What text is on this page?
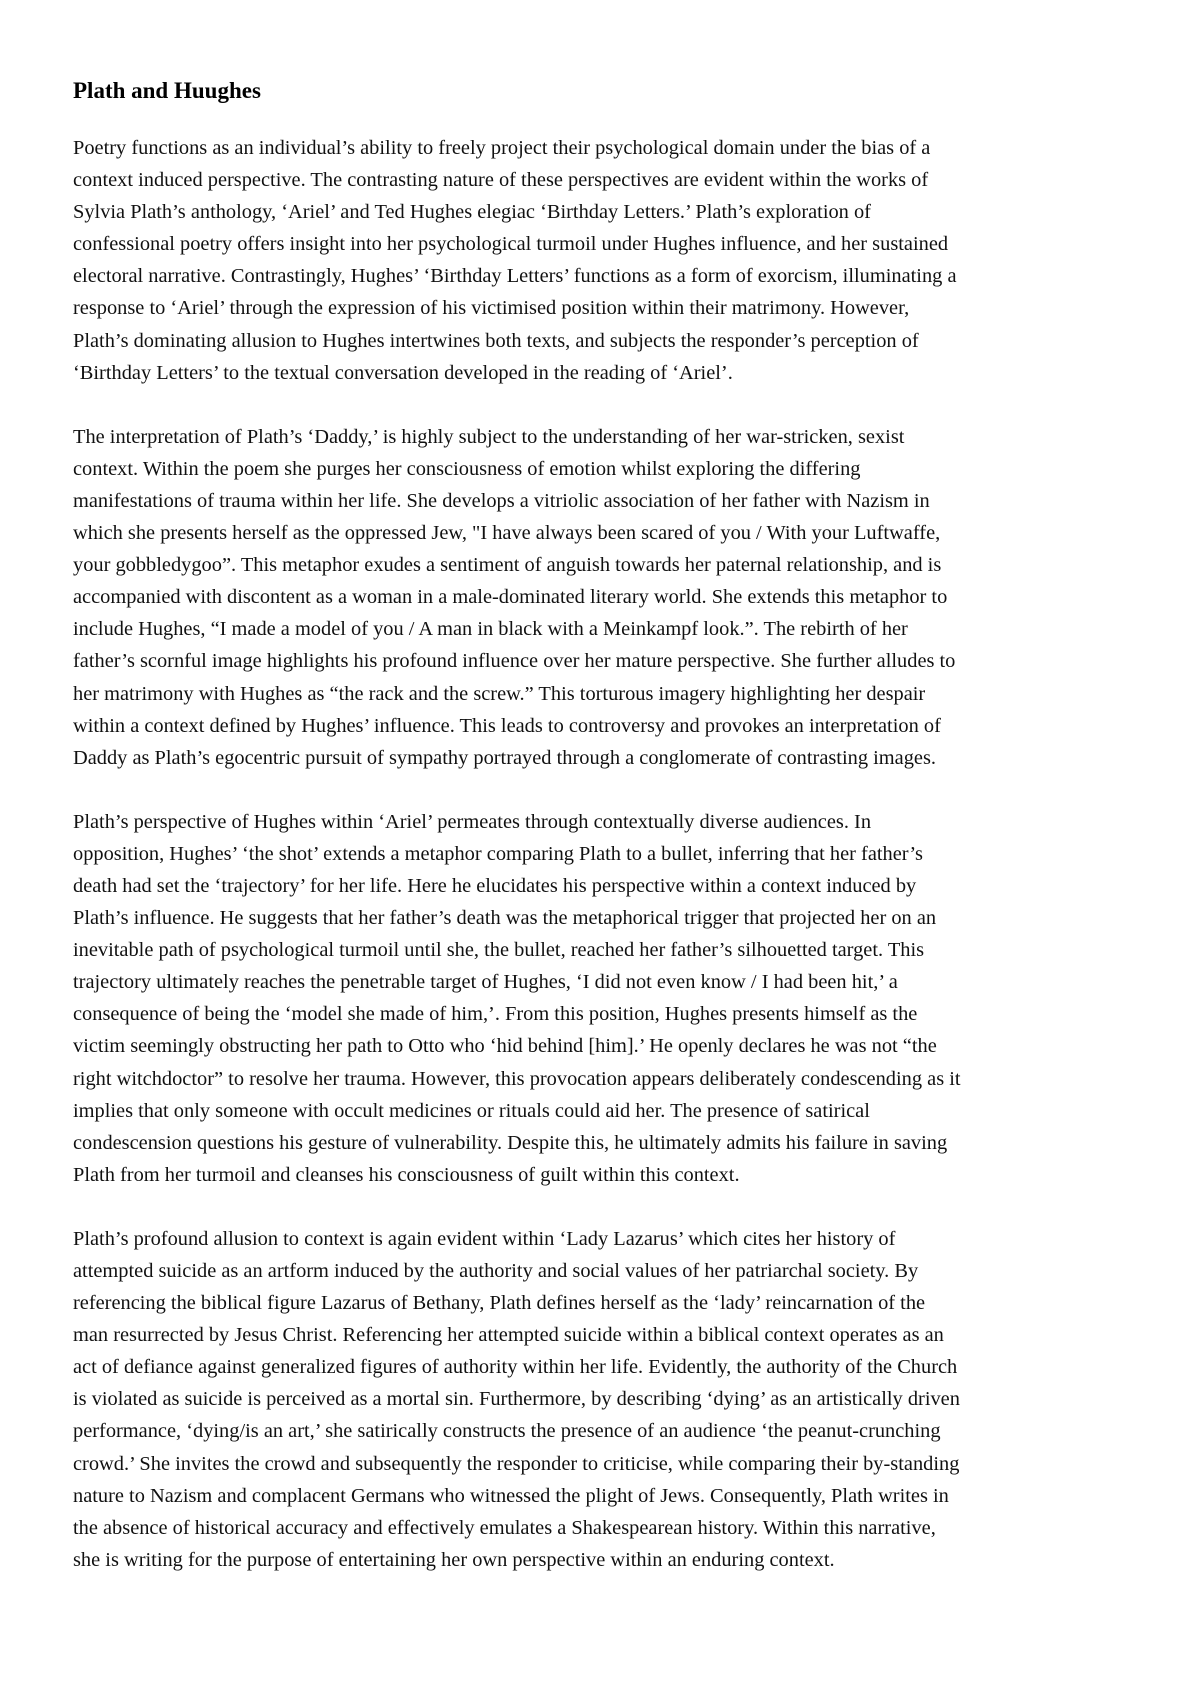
Plath and Huughes

Poetry functions as an individual’s ability to freely project their psychological domain under the bias of a
context induced perspective. The contrasting nature of these perspectives are evident within the works of
Sylvia Plath’s anthology, ‘Ariel’ and Ted Hughes elegiac ‘Birthday Letters.’ Plath’s exploration of
confessional poetry offers insight into her psychological turmoil under Hughes influence, and her sustained
electoral narrative. Contrastingly, Hughes’ ‘Birthday Letters’ functions as a form of exorcism, illuminating a
response to ‘Ariel’ through the expression of his victimised position within their matrimony. However,
Plath’s dominating allusion to Hughes intertwines both texts, and subjects the responder’s perception of
‘Birthday Letters’ to the textual conversation developed in the reading of ‘Ariel’.

The interpretation of Plath’s ‘Daddy,’ is highly subject to the understanding of her war-stricken, sexist
context. Within the poem she purges her consciousness of emotion whilst exploring the differing
manifestations of trauma within her life. She develops a vitriolic association of her father with Nazism in
which she presents herself as the oppressed Jew, "I have always been scared of you / With your Luftwaffe,
your gobbledygoo”. This metaphor exudes a sentiment of anguish towards her paternal relationship, and is
accompanied with discontent as a woman in a male-dominated literary world. She extends this metaphor to
include Hughes, “I made a model of you / A man in black with a Meinkampf look.”. The rebirth of her
father’s scornful image highlights his profound influence over her mature perspective. She further alludes to
her matrimony with Hughes as “the rack and the screw.” This torturous imagery highlighting her despair
within a context defined by Hughes’ influence. This leads to controversy and provokes an interpretation of
Daddy as Plath’s egocentric pursuit of sympathy portrayed through a conglomerate of contrasting images.

Plath’s perspective of Hughes within ‘Ariel’ permeates through contextually diverse audiences. In
opposition, Hughes’ ‘the shot’ extends a metaphor comparing Plath to a bullet, inferring that her father’s
death had set the ‘trajectory’ for her life. Here he elucidates his perspective within a context induced by
Plath’s influence. He suggests that her father’s death was the metaphorical trigger that projected her on an
inevitable path of psychological turmoil until she, the bullet, reached her father’s silhouetted target. This
trajectory ultimately reaches the penetrable target of Hughes, ‘I did not even know / I had been hit,’ a
consequence of being the ‘model she made of him,’. From this position, Hughes presents himself as the
victim seemingly obstructing her path to Otto who ‘hid behind [him].’ He openly declares he was not “the
right witchdoctor” to resolve her trauma. However, this provocation appears deliberately condescending as it
implies that only someone with occult medicines or rituals could aid her. The presence of satirical
condescension questions his gesture of vulnerability. Despite this, he ultimately admits his failure in saving
Plath from her turmoil and cleanses his consciousness of guilt within this context.

Plath’s profound allusion to context is again evident within ‘Lady Lazarus’ which cites her history of
attempted suicide as an artform induced by the authority and social values of her patriarchal society. By
referencing the biblical figure Lazarus of Bethany, Plath defines herself as the ‘lady’ reincarnation of the
man resurrected by Jesus Christ. Referencing her attempted suicide within a biblical context operates as an
act of defiance against generalized figures of authority within her life. Evidently, the authority of the Church
is violated as suicide is perceived as a mortal sin. Furthermore, by describing ‘dying’ as an artistically driven
performance, ‘dying/is an art,’ she satirically constructs the presence of an audience ‘the peanut-crunching
crowd.’ She invites the crowd and subsequently the responder to criticise, while comparing their by-standing
nature to Nazism and complacent Germans who witnessed the plight of Jews. Consequently, Plath writes in
the absence of historical accuracy and effectively emulates a Shakespearean history. Within this narrative,
she is writing for the purpose of entertaining her own perspective within an enduring context.
